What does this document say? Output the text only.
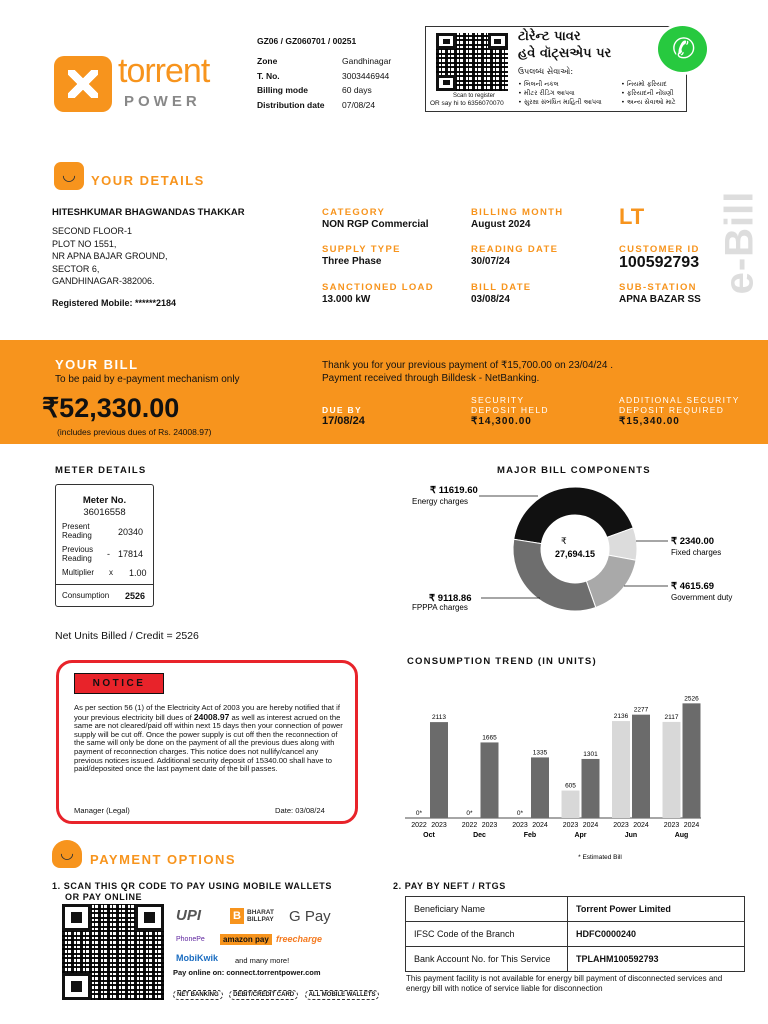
torrent
POWER
GZ06 / GZ060701 / 00251
Zone	Gandhinagar
T. No.	3003446944
Billing mode	60 days
Distribution date	07/08/24
Scan to register
OR say hi to 6356070070
ટોરેન્ટ પાવર
હવે વૉટ્સએપ પર
ઉપલબ્ધ સેવાઓ:
• બિલની નકલ	• નિયમો ફરિયાદ
• મીટર રીડિંગ આપવા	• ફરિયાદની નોંધણી
• સુરક્ષા સંબંધિત માહિતી આપવા	• અન્ય સેવાઓ માટે
✆
◡	YOUR DETAILS
HITESHKUMAR BHAGWANDAS THAKKAR
SECOND FLOOR-1
PLOT NO 1551,
NR APNA BAJAR GROUND,
SECTOR 6,
GANDHINAGAR-382006.
Registered Mobile: ******2184
CATEGORY
NON RGP Commercial
SUPPLY TYPE
Three Phase
SANCTIONED LOAD
13.000 kW
BILLING MONTH
August 2024
READING DATE
30/07/24
BILL DATE
03/08/24
LT
CUSTOMER ID
100592793
SUB-STATION
APNA BAZAR SS
e-Bill
YOUR BILL
To be paid by e-payment mechanism only
₹52,330.00
(includes previous dues of Rs. 24008.97)
Thank you for your previous payment of ₹15,700.00 on 23/04/24 .
Payment received through Billdesk - NetBanking.
DUE BY
17/08/24
SECURITY
DEPOSIT HELD
₹14,300.00
ADDITIONAL SECURITY
DEPOSIT REQUIRED
₹15,340.00
METER DETAILS
Meter No.
36016558
Present Reading	20340
Previous Reading	- 17814
Multiplier x 1.00
Consumption 2526
Net Units Billed / Credit = 2526
NOTICE
As per section 56 (1) of the Electricity Act of 2003 you are hereby notified that if your previous electricity bill dues of 24008.97 as well as interest acrued on the same are not cleared/paid off within next 15 days then your connection of power supply will be cut off. Once the power supply is cut off then the reconnection of the same will only be done on the payment of all the previous dues along with payment of reconnection charges. This notice does not nullify/cancel any previous notices issued. Additional security deposit of 15340.00 shall have to paid/deposited once the last payment date of the bill passes.
Manager (Legal)	Date: 03/08/24
MAJOR BILL COMPONENTS
₹
27,694.15
₹ 11619.60
Energy charges
₹ 2340.00
Fixed charges
₹ 4615.69
Government duty
₹ 9118.86
FPPPA charges
CONSUMPTION TREND (IN UNITS)
0*
2022
2113
2023
Oct
0*
2022
1665
2023
Dec
0*
2023
1335
2024
Feb
605
2023
1301
2024
Apr
2136
2023
2277
2024
Jun
2117
2023
2526
2024
Aug
* Estimated Bill
◡	PAYMENT OPTIONS
1. SCAN THIS QR CODE TO PAY USING MOBILE WALLETS
OR PAY ONLINE
UPI	B BHARAT BILLPAY	G Pay
PhonePe	amazon pay freecharge
MobiKwik and many more!
Pay online on: connect.torrentpower.com
NET BANKING DEBIT/CREDIT CARD ALL MOBILE WALLETS
2. PAY BY NEFT / RTGS
Beneficiary Name	Torrent Power Limited
IFSC Code of the Branch	HDFC0000240
Bank Account No. for This Service	TPLAHM100592793
This payment facility is not available for energy bill payment of disconnected services and energy bill with notice of service liable for disconnection
